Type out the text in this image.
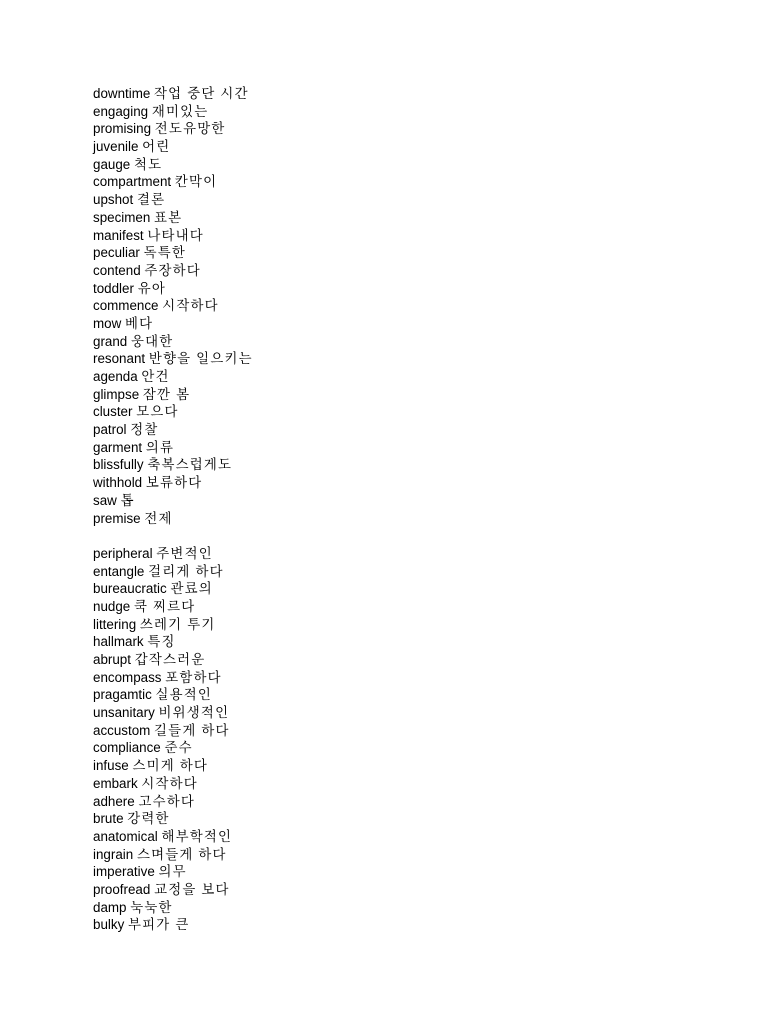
downtime 작업 중단 시간
engaging 재미있는
promising 전도유망한
juvenile 어린
gauge 척도
compartment 칸막이
upshot 결론
specimen 표본
manifest 나타내다
peculiar 독특한
contend 주장하다
toddler 유아
commence 시작하다
mow 베다
grand 웅대한
resonant 반향을 일으키는
agenda 안건
glimpse 잠깐 봄
cluster 모으다
patrol 정찰
garment 의류
blissfully 축복스럽게도
withhold 보류하다
saw 톱
premise 전제
peripheral 주변적인
entangle 걸리게 하다
bureaucratic 관료의
nudge 쿡 찌르다
littering 쓰레기 투기
hallmark 특징
abrupt 갑작스러운
encompass 포함하다
pragamtic 실용적인
unsanitary 비위생적인
accustom 길들게 하다
compliance 준수
infuse 스미게 하다
embark 시작하다
adhere 고수하다
brute 강력한
anatomical 해부학적인
ingrain 스며들게 하다
imperative 의무
proofread 교정을 보다
damp 눅눅한
bulky 부피가 큰
